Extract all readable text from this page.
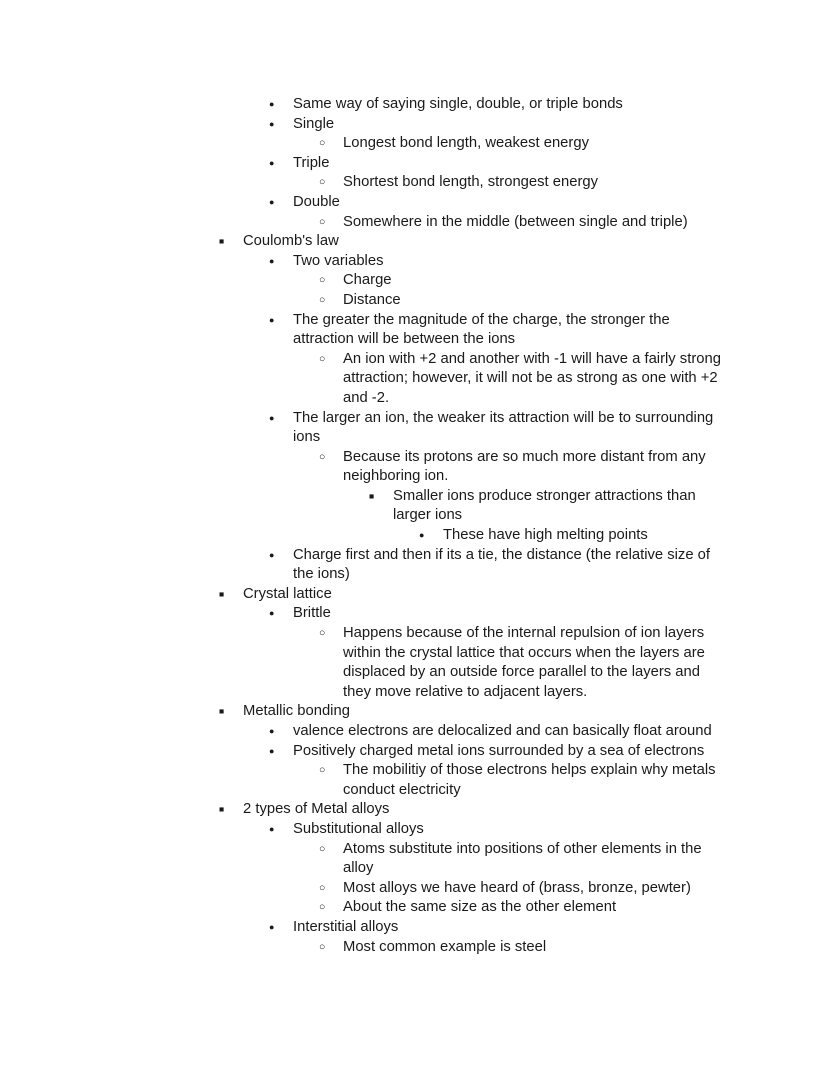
● Same way of saying single, double, or triple bonds
● Single
○ Longest bond length, weakest energy
● Triple
○ Shortest bond length, strongest energy
● Double
○ Somewhere in the middle (between single and triple)
■ Coulomb's law
● Two variables
○ Charge
○ Distance
● The greater the magnitude of the charge, the stronger the attraction will be between the ions
○ An ion with +2 and another with -1 will have a fairly strong attraction; however, it will not be as strong as one with +2 and -2.
● The larger an ion, the weaker its attraction will be to surrounding ions
○ Because its protons are so much more distant from any neighboring ion.
■ Smaller ions produce stronger attractions than larger ions
● These have high melting points
● Charge first and then if its a tie, the distance (the relative size of the ions)
■ Crystal lattice
● Brittle
○ Happens because of the internal repulsion of ion layers within the crystal lattice that occurs when the layers are displaced by an outside force parallel to the layers and they move relative to adjacent layers.
■ Metallic bonding
● valence electrons are delocalized and can basically float around
● Positively charged metal ions surrounded by a sea of electrons
○ The mobilitiy of those electrons helps explain why metals conduct electricity
■ 2 types of Metal alloys
● Substitutional alloys
○ Atoms substitute into positions of other elements in the alloy
○ Most alloys we have heard of (brass, bronze, pewter)
○ About the same size as the other element
● Interstitial alloys
○ Most common example is steel
